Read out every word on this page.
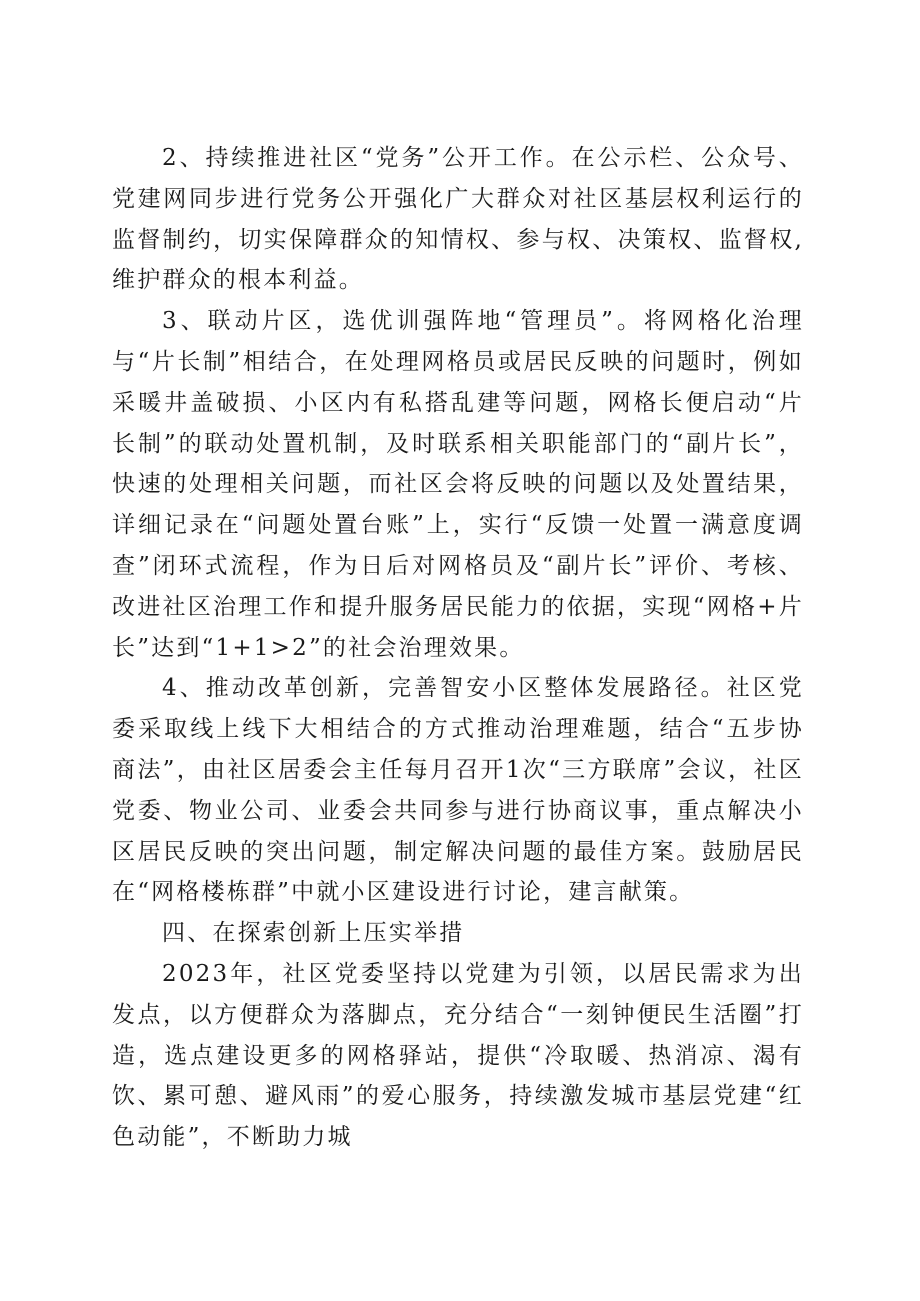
2、持续推进社区“党务”公开工作。在公示栏、公众号、党建网同步进行党务公开强化广大群众对社区基层权利运行的监督制约，切实保障群众的知情权、参与权、决策权、监督权,维护群众的根本利益。

3、联动片区，选优训强阵地“管理员”。将网格化治理与“片长制”相结合，在处理网格员或居民反映的问题时，例如采暖井盖破损、小区内有私搭乱建等问题，网格长便启动“片长制”的联动处置机制，及时联系相关职能部门的“副片长”，快速的处理相关问题，而社区会将反映的问题以及处置结果，详细记录在“问题处置台账”上，实行“反馈一处置一满意度调查”闭环式流程，作为日后对网格员及“副片长”评价、考核、改进社区治理工作和提升服务居民能力的依据，实现“网格+片长”达到“1+1>2”的社会治理效果。

4、推动改革创新，完善智安小区整体发展路径。社区党委采取线上线下大相结合的方式推动治理难题，结合“五步协商法”，由社区居委会主任每月召开1次“三方联席”会议，社区党委、物业公司、业委会共同参与进行协商议事，重点解决小区居民反映的突出问题，制定解决问题的最佳方案。鼓励居民在“网格楼栋群”中就小区建设进行讨论，建言献策。

四、在探索创新上压实举措

2023年，社区党委坚持以党建为引领，以居民需求为出发点，以方便群众为落脚点，充分结合“一刻钟便民生活圈”打造，选点建设更多的网格驿站，提供“冷取暖、热消凉、渴有饮、累可憩、避风雨”的爱心服务，持续激发城市基层党建“红色动能”，不断助力城
